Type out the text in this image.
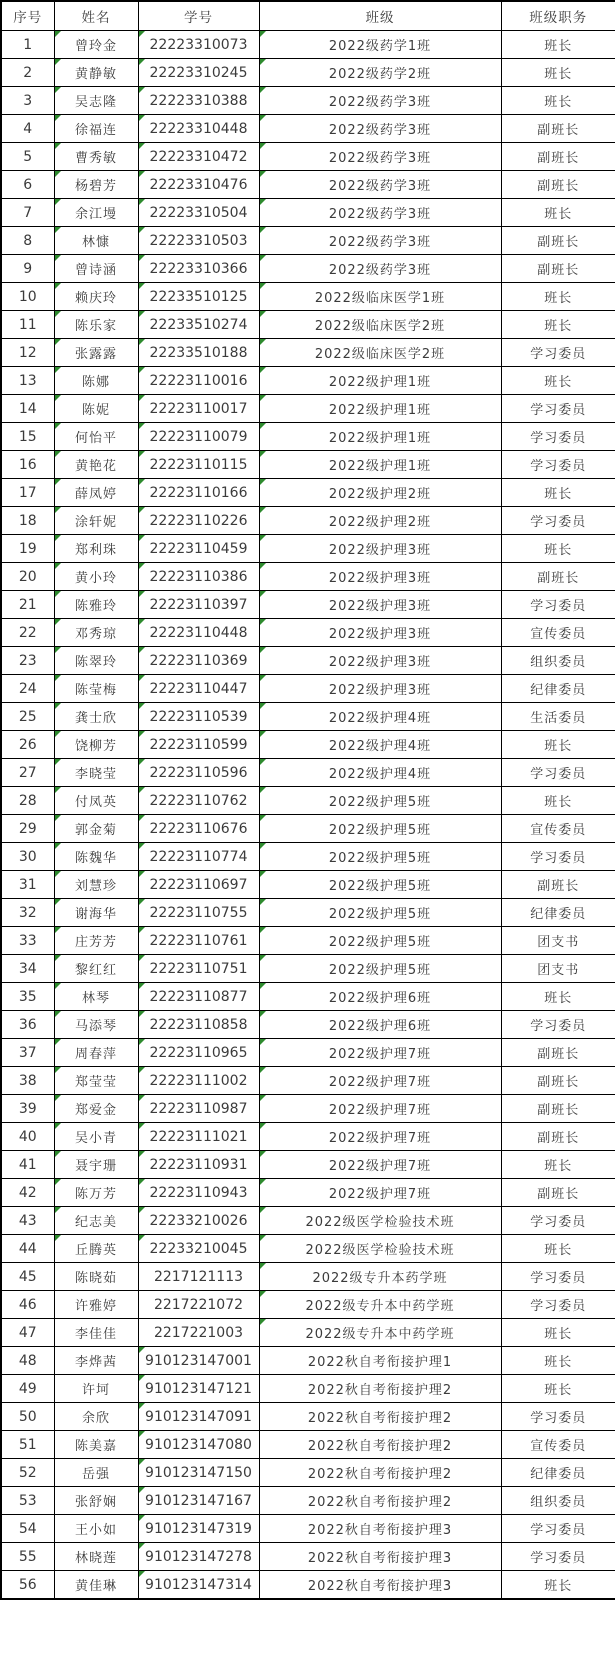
序号	姓名	学号	班级	班级职务
1	曾玲金	22223310073	2022级药学1班	班长
2	黄静敏	22223310245	2022级药学2班	班长
3	吴志隆	22223310388	2022级药学3班	班长
4	徐福连	22223310448	2022级药学3班	副班长
5	曹秀敏	22223310472	2022级药学3班	副班长
6	杨碧芳	22223310476	2022级药学3班	副班长
7	余江墁	22223310504	2022级药学3班	班长
8	林慷	22223310503	2022级药学3班	副班长
9	曾诗涵	22223310366	2022级药学3班	副班长
10	赖庆玲	22233510125	2022级临床医学1班	班长
11	陈乐家	22233510274	2022级临床医学2班	班长
12	张露露	22233510188	2022级临床医学2班	学习委员
13	陈娜	22223110016	2022级护理1班	班长
14	陈妮	22223110017	2022级护理1班	学习委员
15	何怡平	22223110079	2022级护理1班	学习委员
16	黄艳花	22223110115	2022级护理1班	学习委员
17	薛凤婷	22223110166	2022级护理2班	班长
18	涂轩妮	22223110226	2022级护理2班	学习委员
19	郑利珠	22223110459	2022级护理3班	班长
20	黄小玲	22223110386	2022级护理3班	副班长
21	陈雅玲	22223110397	2022级护理3班	学习委员
22	邓秀琼	22223110448	2022级护理3班	宣传委员
23	陈翠玲	22223110369	2022级护理3班	组织委员
24	陈莹梅	22223110447	2022级护理3班	纪律委员
25	龚士欣	22223110539	2022级护理4班	生活委员
26	饶柳芳	22223110599	2022级护理4班	班长
27	李晓莹	22223110596	2022级护理4班	学习委员
28	付凤英	22223110762	2022级护理5班	班长
29	郭金菊	22223110676	2022级护理5班	宣传委员
30	陈魏华	22223110774	2022级护理5班	学习委员
31	刘慧珍	22223110697	2022级护理5班	副班长
32	谢海华	22223110755	2022级护理5班	纪律委员
33	庄芳芳	22223110761	2022级护理5班	团支书
34	黎红红	22223110751	2022级护理5班	团支书
35	林琴	22223110877	2022级护理6班	班长
36	马添琴	22223110858	2022级护理6班	学习委员
37	周春萍	22223110965	2022级护理7班	副班长
38	郑莹莹	22223111002	2022级护理7班	副班长
39	郑爱金	22223110987	2022级护理7班	副班长
40	吴小青	22223111021	2022级护理7班	副班长
41	聂宇珊	22223110931	2022级护理7班	班长
42	陈万芳	22223110943	2022级护理7班	副班长
43	纪志美	22233210026	2022级医学检验技术班	学习委员
44	丘腾英	22233210045	2022级医学检验技术班	班长
45	陈晓茹	2217121113	2022级专升本药学班	学习委员
46	许雅婷	2217221072	2022级专升本中药学班	学习委员
47	李佳佳	2217221003	2022级专升本中药学班	班长
48	李烨茜	910123147001	2022秋自考衔接护理1	班长
49	许坷	910123147121	2022秋自考衔接护理2	班长
50	余欣	910123147091	2022秋自考衔接护理2	学习委员
51	陈美嘉	910123147080	2022秋自考衔接护理2	宣传委员
52	岳强	910123147150	2022秋自考衔接护理2	纪律委员
53	张舒娴	910123147167	2022秋自考衔接护理2	组织委员
54	王小如	910123147319	2022秋自考衔接护理3	学习委员
55	林晓莲	910123147278	2022秋自考衔接护理3	学习委员
56	黄佳琳	910123147314	2022秋自考衔接护理3	班长
